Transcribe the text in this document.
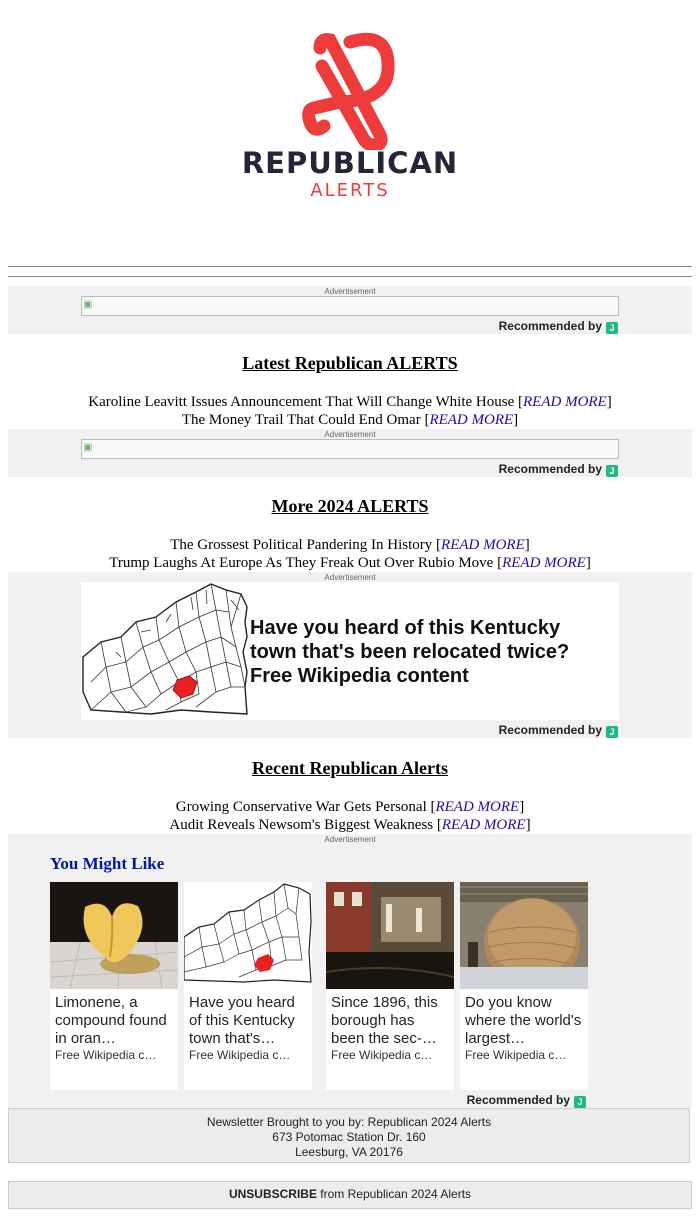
REPUBLICAN
ALERTS
Advertisement
▣
Recommended by J
Latest Republican ALERTS
Karoline Leavitt Issues Announcement That Will Change White House [READ MORE]
The Money Trail That Could End Omar [READ MORE]
Advertisement
▣
Recommended by J
More 2024 ALERTS
The Grossest Political Pandering In History [READ MORE]
Trump Laughs At Europe As They Freak Out Over Rubio Move [READ MORE]
Advertisement
Have you heard of this Kentucky town that's been relocated twice? Free Wikipedia content
Recommended by J
Recent Republican Alerts
Growing Conservative War Gets Personal [READ MORE]
Audit Reveals Newsom's Biggest Weakness [READ MORE]
Advertisement
You Might Like
Limonene, a compound found in oran…
Free Wikipedia c…
Have you heard of this Kentucky town that's…
Free Wikipedia c…
Since 1896, this borough has been the sec-…
Free Wikipedia c…
Do you know where the world's largest…
Free Wikipedia c…
Recommended by J
Newsletter Brought to you by: Republican 2024 Alerts
673 Potomac Station Dr. 160
Leesburg, VA 20176
UNSUBSCRIBE from Republican 2024 Alerts
